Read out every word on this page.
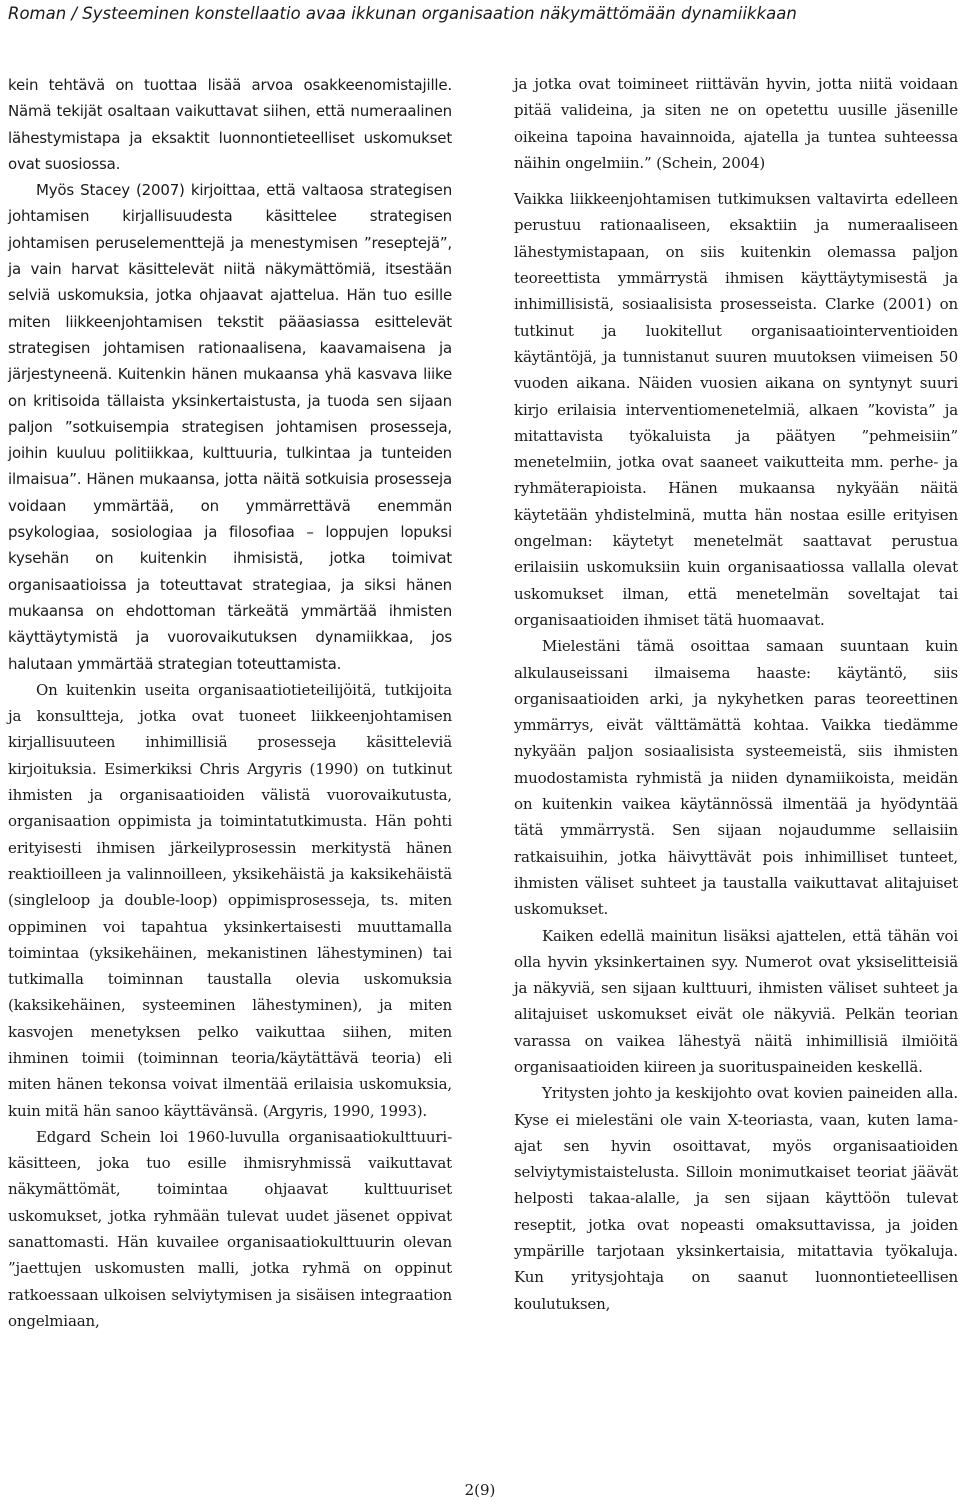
Roman / Systeeminen konstellaatio avaa ikkunan organisaation näkymättömään dynamiikkaan

kein tehtävä on tuottaa lisää arvoa osakkeenomistajille. Nämä tekijät osaltaan vaikuttavat siihen, että numeraalinen lähestymistapa ja eksaktit luonnontieteelliset uskomukset ovat suosiossa.

Myös Stacey (2007) kirjoittaa, että valtaosa strategisen johtamisen kirjallisuudesta käsittelee strategisen johtamisen peruselementtejä ja menestymisen ”reseptejä”, ja vain harvat käsittelevät niitä näkymättömiä, itsestään selviä uskomuksia, jotka ohjaavat ajattelua. Hän tuo esille miten liikkeenjohtamisen tekstit pääasiassa esittelevät strategisen johtamisen rationaalisena, kaavamaisena ja järjestyneenä. Kuitenkin hänen mukaansa yhä kasvava liike on kritisoida tällaista yksinkertaistusta, ja tuoda sen sijaan paljon ”sotkuisempia strategisen johtamisen prosesseja, joihin kuuluu politiikkaa, kulttuuria, tulkintaa ja tunteiden ilmaisua”. Hänen mukaansa, jotta näitä sotkuisia prosesseja voidaan ymmärtää, on ymmärrettävä enemmän psykologiaa, sosiologiaa ja filosofiaa – loppujen lopuksi kysehän on kuitenkin ihmisistä, jotka toimivat organisaatioissa ja toteuttavat strategiaa, ja siksi hänen mukaansa on ehdottoman tärkeätä ymmärtää ihmisten käyttäytymistä ja vuorovaikutuksen dynamiikkaa, jos halutaan ymmärtää strategian toteuttamista.

On kuitenkin useita organisaatiotieteilijöitä, tutkijoita ja konsultteja, jotka ovat tuoneet liikkeenjohtamisen kirjallisuuteen inhimillisiä prosesseja käsitteleviä kirjoituksia. Esimerkiksi Chris Argyris (1990) on tutkinut ihmisten ja organisaatioiden välistä vuorovaikutusta, organisaation oppimista ja toimintatutkimusta. Hän pohti erityisesti ihmisen järkeilyprosessin merkitystä hänen reaktioilleen ja valinnoilleen, yksikehäistä ja kaksikehäistä (singleloop ja double-loop) oppimisprosesseja, ts. miten oppiminen voi tapahtua yksinkertaisesti muuttamalla toimintaa (yksikehäinen, mekanistinen lähestyminen) tai tutkimalla toiminnan taustalla olevia uskomuksia (kaksikehäinen, systeeminen lähestyminen), ja miten kasvojen menetyksen pelko vaikuttaa siihen, miten ihminen toimii (toiminnan teoria/käytättävä teoria) eli miten hänen tekonsa voivat ilmentää erilaisia uskomuksia, kuin mitä hän sanoo käyttävänsä. (Argyris, 1990, 1993).

Edgard Schein loi 1960-luvulla organisaatiokulttuuri-käsitteen, joka tuo esille ihmisryhmissä vaikuttavat näkymättömät, toimintaa ohjaavat kulttuuriset uskomukset, jotka ryhmään tulevat uudet jäsenet oppivat sanattomasti. Hän kuvailee organisaatiokulttuurin olevan ”jaettujen uskomusten malli, jotka ryhmä on oppinut ratkoessaan ulkoisen selviytymisen ja sisäisen integraation ongelmiaan,

ja jotka ovat toimineet riittävän hyvin, jotta niitä voidaan pitää valideina, ja siten ne on opetettu uusille jäsenille oikeina tapoina havainnoida, ajatella ja tuntea suhteessa näihin ongelmiin.” (Schein, 2004)

Vaikka liikkeenjohtamisen tutkimuksen valtavirta edelleen perustuu rationaaliseen, eksaktiin ja numeraaliseen lähestymistapaan, on siis kuitenkin olemassa paljon teoreettista ymmärrystä ihmisen käyttäytymisestä ja inhimillisistä, sosiaalisista prosesseista. Clarke (2001) on tutkinut ja luokitellut organisaatiointerventioiden käytäntöjä, ja tunnistanut suuren muutoksen viimeisen 50 vuoden aikana. Näiden vuosien aikana on syntynyt suuri kirjo erilaisia interventiomenetelmiä, alkaen ”kovista” ja mitattavista työkaluista ja päätyen ”pehmeisiin” menetelmiin, jotka ovat saaneet vaikutteita mm. perhe- ja ryhmäterapioista. Hänen mukaansa nykyään näitä käytetään yhdistelminä, mutta hän nostaa esille erityisen ongelman: käytetyt menetelmät saattavat perustua erilaisiin uskomuksiin kuin organisaatiossa vallalla olevat uskomukset ilman, että menetelmän soveltajat tai organisaatioiden ihmiset tätä huomaavat.

Mielestäni tämä osoittaa samaan suuntaan kuin alkulauseissani ilmaisema haaste: käytäntö, siis organisaatioiden arki, ja nykyhetken paras teoreettinen ymmärrys, eivät välttämättä kohtaa. Vaikka tiedämme nykyään paljon sosiaalisista systeemeistä, siis ihmisten muodostamista ryhmistä ja niiden dynamiikoista, meidän on kuitenkin vaikea käytännössä ilmentää ja hyödyntää tätä ymmärrystä. Sen sijaan nojaudumme sellaisiin ratkaisuihin, jotka häivyttävät pois inhimilliset tunteet, ihmisten väliset suhteet ja taustalla vaikuttavat alitajuiset uskomukset.

Kaiken edellä mainitun lisäksi ajattelen, että tähän voi olla hyvin yksinkertainen syy. Numerot ovat yksiselitteisiä ja näkyviä, sen sijaan kulttuuri, ihmisten väliset suhteet ja alitajuiset uskomukset eivät ole näkyviä. Pelkän teorian varassa on vaikea lähestyä näitä inhimillisiä ilmiöitä organisaatioiden kiireen ja suorituspaineiden keskellä.

Yritysten johto ja keskijohto ovat kovien paineiden alla. Kyse ei mielestäni ole vain X-teoriasta, vaan, kuten lama-ajat sen hyvin osoittavat, myös organisaatioiden selviytymistaistelusta. Silloin monimutkaiset teoriat jäävät helposti takaa-alalle, ja sen sijaan käyttöön tulevat reseptit, jotka ovat nopeasti omaksuttavissa, ja joiden ympärille tarjotaan yksinkertaisia, mitattavia työkaluja. Kun yritysjohtaja on saanut luonnontieteellisen koulutuksen,

2(9)
